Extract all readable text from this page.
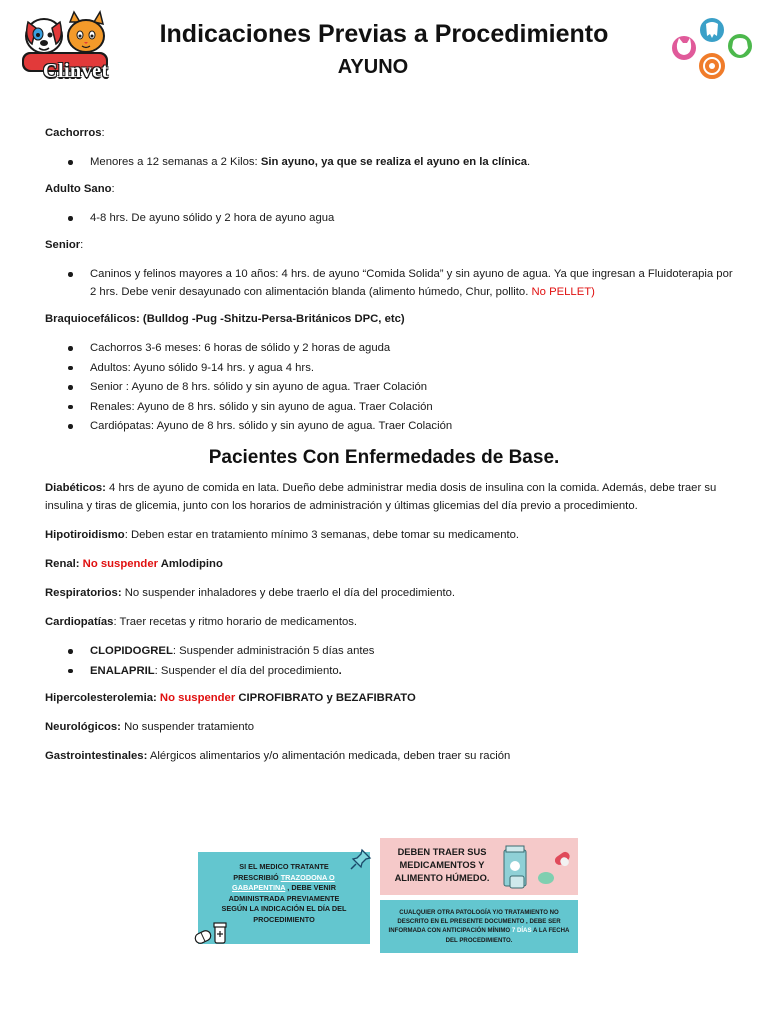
Clinvet
Indicaciones Previas a Procedimiento
AYUNO

Cachorros:

Menores a 12 semanas a 2 Kilos: Sin ayuno, ya que se realiza el ayuno en la clínica.

Adulto Sano:

4-8 hrs. De ayuno sólido y 2 hora de ayuno agua

Senior:

Caninos y felinos mayores a 10 años: 4 hrs. de ayuno “Comida Solida” y sin ayuno de agua. Ya que ingresan a Fluidoterapia por 2 hrs. Debe venir desayunado con alimentación blanda (alimento húmedo, Chur, pollito. No PELLET)

Braquiocefálicos: (Bulldog -Pug -Shitzu-Persa-Británicos DPC, etc)

Cachorros 3-6 meses: 6 horas de sólido y 2 horas de aguda
Adultos: Ayuno sólido 9-14 hrs. y agua 4 hrs.
Senior : Ayuno de 8 hrs. sólido y sin ayuno de agua. Traer Colación
Renales: Ayuno de 8 hrs. sólido y sin ayuno de agua. Traer Colación
Cardiópatas: Ayuno de 8 hrs. sólido y sin ayuno de agua. Traer Colación
Pacientes Con Enfermedades de Base.

Diabéticos: 4 hrs de ayuno de comida en lata. Dueño debe administrar media dosis de insulina con la comida. Además, debe traer su insulina y tiras de glicemia, junto con los horarios de administración y últimas glicemias del día previo a procedimiento.

Hipotiroidismo: Deben estar en tratamiento mínimo 3 semanas, debe tomar su medicamento.

Renal: No suspender Amlodipino

Respiratorios: No suspender inhaladores y debe traerlo el día del procedimiento.

Cardiopatías: Traer recetas y ritmo horario de medicamentos.

CLOPIDOGREL: Suspender administración 5 días antes
ENALAPRIL: Suspender el día del procedimiento.

Hipercolesterolemia: No suspender CIPROFIBRATO y BEZAFIBRATO

Neurológicos: No suspender tratamiento

Gastrointestinales: Alérgicos alimentarios y/o alimentación medicada, deben traer su ración

SI EL MEDICO TRATANTE
PRESCRIBIÓ TRAZODONA O
GABAPENTINA , DEBE VENIR
ADMINISTRADA PREVIAMENTE
SEGÚN LA INDICACIÓN EL DÍA DEL
PROCEDIMIENTO
DEBEN TRAER SUS MEDICAMENTOS Y ALIMENTO HÚMEDO.
CUALQUIER OTRA PATOLOGÍA Y/O TRATAMIENTO NO DESCRITO EN EL PRESENTE DOCUMENTO , DEBE SER INFORMADA CON ANTICIPACIÓN MÍNIMO 7 DÍAS A LA FECHA DEL PROCEDIMIENTO.
